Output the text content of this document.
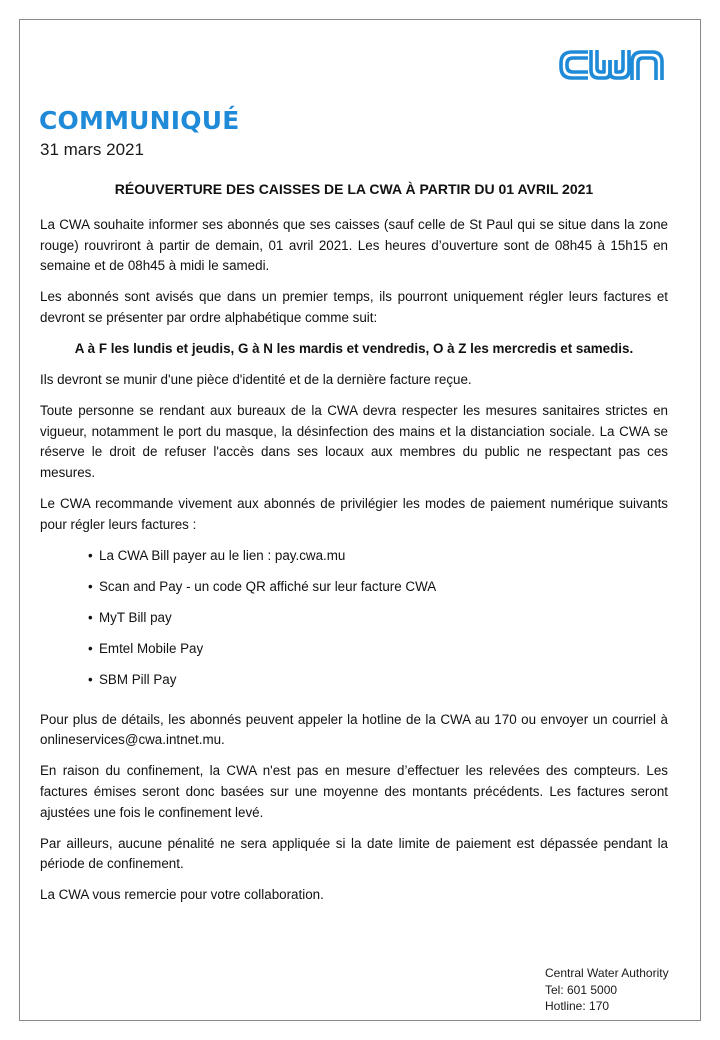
COMMUNIQUÉ
31 mars 2021
RÉOUVERTURE DES CAISSES DE LA CWA À PARTIR DU 01 AVRIL 2021

La CWA souhaite informer ses abonnés que ses caisses (sauf celle de St Paul qui se situe dans la zone rouge) rouvriront à partir de demain, 01 avril 2021. Les heures d’ouverture sont de 08h45 à 15h15 en semaine et de 08h45 à midi le samedi.

Les abonnés sont avisés que dans un premier temps, ils pourront uniquement régler leurs factures et devront se présenter par ordre alphabétique comme suit:

A à F les lundis et jeudis, G à N les mardis et vendredis, O à Z les mercredis et samedis.

Ils devront se munir d'une pièce d'identité et de la dernière facture reçue.

Toute personne se rendant aux bureaux de la CWA devra respecter les mesures sanitaires strictes en vigueur, notamment le port du masque, la désinfection des mains et la distanciation sociale. La CWA se réserve le droit de refuser l'accès dans ses locaux aux membres du public ne respectant pas ces mesures.

Le CWA recommande vivement aux abonnés de privilégier les modes de paiement numérique suivants pour régler leurs factures :

• La CWA Bill payer au le lien : pay.cwa.mu
• Scan and Pay - un code QR affiché sur leur facture CWA
• MyT Bill pay
• Emtel Mobile Pay
• SBM Pill Pay

Pour plus de détails, les abonnés peuvent appeler la hotline de la CWA au 170 ou envoyer un courriel à onlineservices@cwa.intnet.mu.

En raison du confinement, la CWA n'est pas en mesure d’effectuer les relevées des compteurs. Les factures émises seront donc basées sur une moyenne des montants précédents. Les factures seront ajustées une fois le confinement levé.

Par ailleurs, aucune pénalité ne sera appliquée si la date limite de paiement est dépassée pendant la période de confinement.

La CWA vous remercie pour votre collaboration.

Central Water Authority
Tel: 601 5000
Hotline: 170
